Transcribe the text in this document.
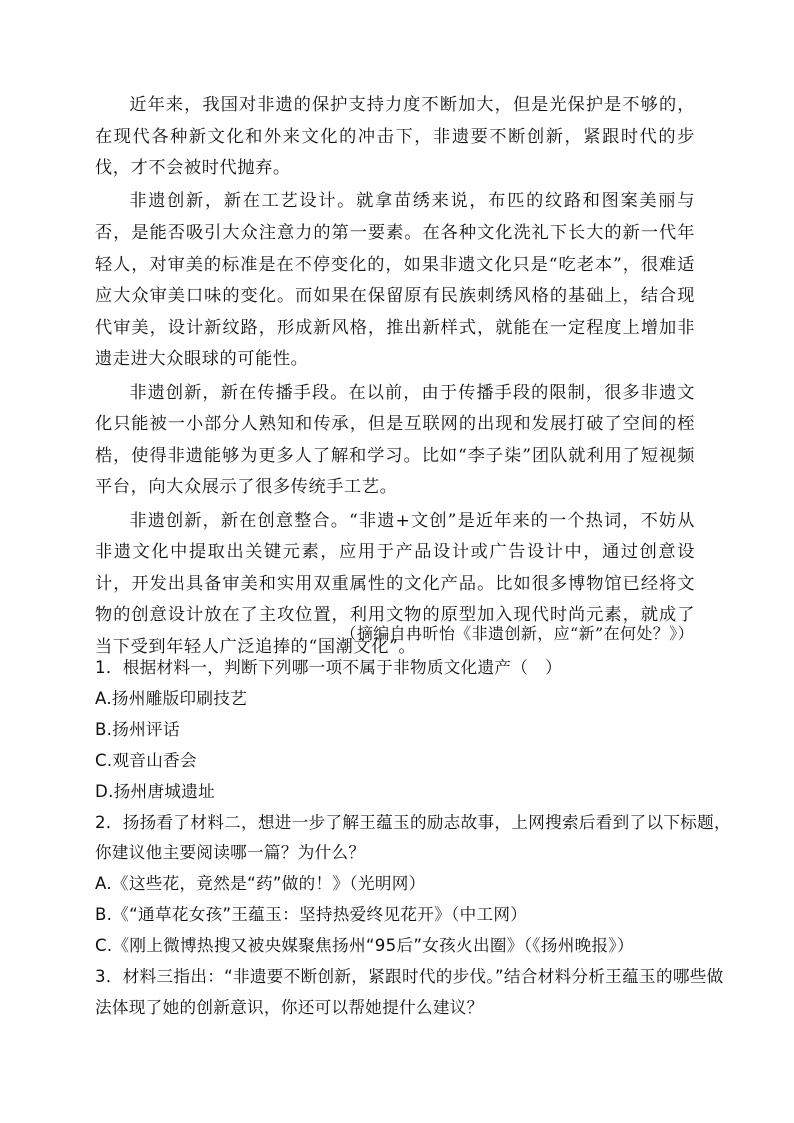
近年来，我国对非遗的保护支持力度不断加大，但是光保护是不够的，在现代各种新文化和外来文化的冲击下，非遗要不断创新，紧跟时代的步伐，才不会被时代抛弃。

非遗创新，新在工艺设计。就拿苗绣来说，布匹的纹路和图案美丽与否，是能否吸引大众注意力的第一要素。在各种文化洗礼下长大的新一代年轻人，对审美的标准是在不停变化的，如果非遗文化只是“吃老本”，很难适应大众审美口味的变化。而如果在保留原有民族刺绣风格的基础上，结合现代审美，设计新纹路，形成新风格，推出新样式，就能在一定程度上增加非遗走进大众眼球的可能性。

非遗创新，新在传播手段。在以前，由于传播手段的限制，很多非遗文化只能被一小部分人熟知和传承，但是互联网的出现和发展打破了空间的桎梏，使得非遗能够为更多人了解和学习。比如“李子柒”团队就利用了短视频平台，向大众展示了很多传统手工艺。

非遗创新，新在创意整合。“非遗+文创”是近年来的一个热词，不妨从非遗文化中提取出关键元素，应用于产品设计或广告设计中，通过创意设计，开发出具备审美和实用双重属性的文化产品。比如很多博物馆已经将文物的创意设计放在了主攻位置，利用文物的原型加入现代时尚元素，就成了当下受到年轻人广泛追捧的“国潮文化”。

（摘编自冉昕怡《非遗创新，应“新”在何处？》）
1．根据材料一，判断下列哪一项不属于非物质文化遗产（　）
A.扬州雕版印刷技艺
B.扬州评话
C.观音山香会
D.扬州唐城遗址
2．扬扬看了材料二，想进一步了解王蕴玉的励志故事，上网搜索后看到了以下标题，
你建议他主要阅读哪一篇？为什么？
A.《这些花，竟然是“药”做的！》（光明网）
B.《“通草花女孩”王蕴玉：坚持热爱终见花开》（中工网）
C.《刚上微博热搜又被央媒聚焦扬州“95后”女孩火出圈》（《扬州晚报》）
3．材料三指出：“非遗要不断创新，紧跟时代的步伐。”结合材料分析王蕴玉的哪些做
法体现了她的创新意识，你还可以帮她提什么建议？
